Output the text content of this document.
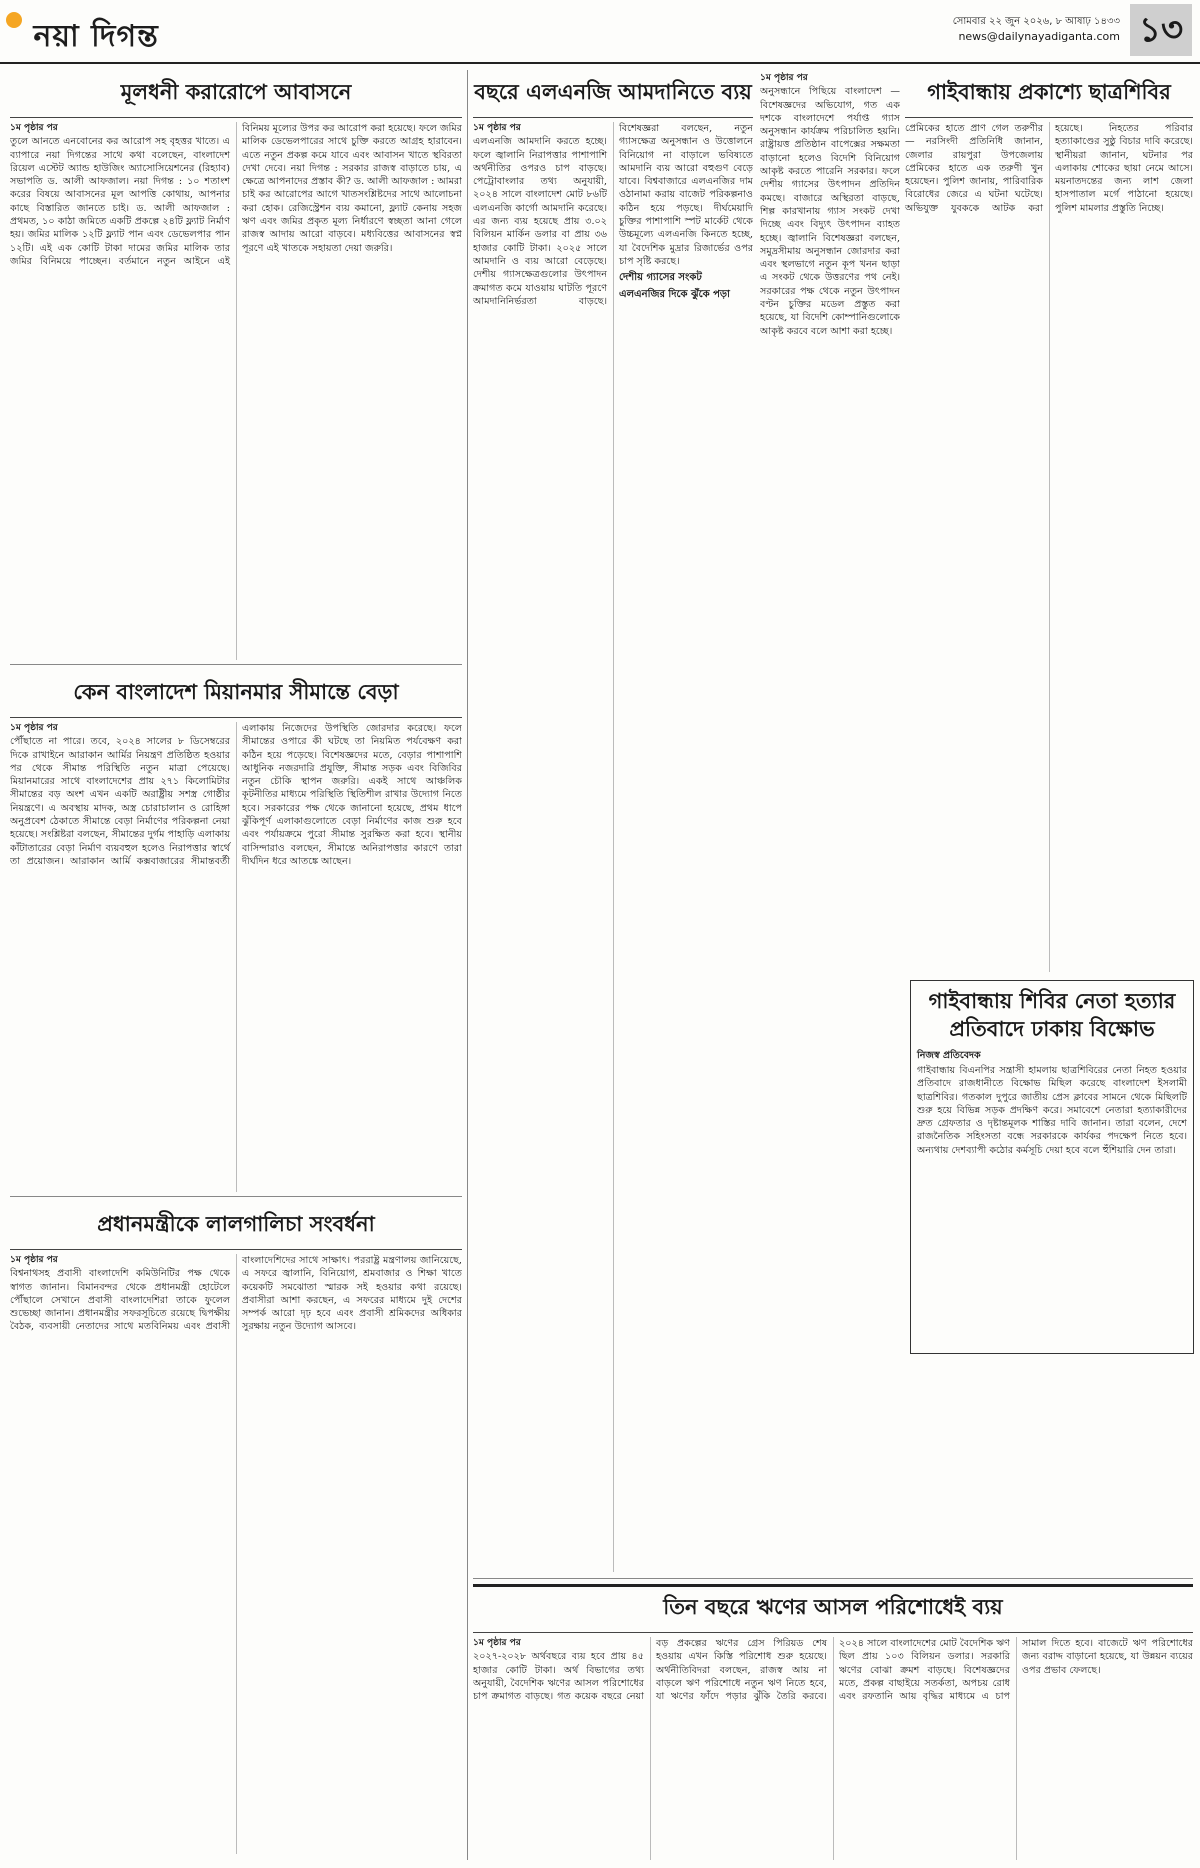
নয়া দিগন্ত	সোমবার ২২ জুন ২০২৬, ৮ আষাঢ় ১৪৩৩
news@dailynayadiganta.com ১৩
মূলধনী করারোপে আবাসনে
১ম পৃষ্ঠার পর
তুলে আনতে এনবোনের কর আরোপ সহ বৃহত্তর খাতে। এ ব্যাপারে নয়া দিগন্তের সাথে কথা বলেছেন, বাংলাদেশ রিয়েল এস্টেট অ্যান্ড হাউজিং অ্যাসোসিয়েশনের (রিহ্যাব) সভাপতি ড. আলী আফজাল। নয়া দিগন্ত : ১০ শতাংশ করের বিষয়ে আবাসনের মূল আপত্তি কোথায়, আপনার কাছে বিস্তারিত জানতে চাই। ড. আলী আফজাল : প্রথমত, ১০ কাঠা জমিতে একটি প্রকল্পে ২৪টি ফ্ল্যাট নির্মাণ হয়। জমির মালিক ১২টি ফ্ল্যাট পান এবং ডেভেলপার পান ১২টি। এই এক কোটি টাকা দামের জমির মালিক তার জমির বিনিময়ে পাচ্ছেন। বর্তমানে নতুন আইনে এই বিনিময় মূল্যের উপর কর আরোপ করা হয়েছে। ফলে জমির মালিক ডেভেলপারের সাথে চুক্তি করতে আগ্রহ হারাবেন। এতে নতুন প্রকল্প কমে যাবে এবং আবাসন খাতে স্থবিরতা দেখা দেবে। নয়া দিগন্ত : সরকার রাজস্ব বাড়াতে চায়, এ ক্ষেত্রে আপনাদের প্রস্তাব কী? ড. আলী আফজাল : আমরা চাই কর আরোপের আগে খাতসংশ্লিষ্টদের সাথে আলোচনা করা হোক। রেজিস্ট্রেশন ব্যয় কমানো, ফ্ল্যাট কেনায় সহজ ঋণ এবং জমির প্রকৃত মূল্য নির্ধারণে স্বচ্ছতা আনা গেলে রাজস্ব আদায় আরো বাড়বে। মধ্যবিত্তের আবাসনের স্বপ্ন পূরণে এই খাতকে সহায়তা দেয়া জরুরি।
কেন বাংলাদেশ মিয়ানমার সীমান্তে বেড়া
১ম পৃষ্ঠার পর
পৌঁছাতে না পারে। তবে, ২০২৪ সালের ৮ ডিসেম্বরের দিকে রাখাইনে আরাকান আর্মির নিয়ন্ত্রণ প্রতিষ্ঠিত হওয়ার পর থেকে সীমান্ত পরিস্থিতি নতুন মাত্রা পেয়েছে। মিয়ানমারের সাথে বাংলাদেশের প্রায় ২৭১ কিলোমিটার সীমান্তের বড় অংশ এখন একটি অরাষ্ট্রীয় সশস্ত্র গোষ্ঠীর নিয়ন্ত্রণে। এ অবস্থায় মাদক, অস্ত্র চোরাচালান ও রোহিঙ্গা অনুপ্রবেশ ঠেকাতে সীমান্তে বেড়া নির্মাণের পরিকল্পনা নেয়া হয়েছে। সংশ্লিষ্টরা বলছেন, সীমান্তের দুর্গম পাহাড়ি এলাকায় কাঁটাতারের বেড়া নির্মাণ ব্যয়বহুল হলেও নিরাপত্তার স্বার্থে তা প্রয়োজন। আরাকান আর্মি কক্সবাজারের সীমান্তবর্তী এলাকায় নিজেদের উপস্থিতি জোরদার করেছে। ফলে সীমান্তের ওপারে কী ঘটছে তা নিয়মিত পর্যবেক্ষণ করা কঠিন হয়ে পড়েছে। বিশেষজ্ঞদের মতে, বেড়ার পাশাপাশি আধুনিক নজরদারি প্রযুক্তি, সীমান্ত সড়ক এবং বিজিবির নতুন চৌকি স্থাপন জরুরি। একই সাথে আঞ্চলিক কূটনীতির মাধ্যমে পরিস্থিতি স্থিতিশীল রাখার উদ্যোগ নিতে হবে। সরকারের পক্ষ থেকে জানানো হয়েছে, প্রথম ধাপে ঝুঁকিপূর্ণ এলাকাগুলোতে বেড়া নির্মাণের কাজ শুরু হবে এবং পর্যায়ক্রমে পুরো সীমান্ত সুরক্ষিত করা হবে। স্থানীয় বাসিন্দারাও বলছেন, সীমান্তে অনিরাপত্তার কারণে তারা দীর্ঘদিন ধরে আতঙ্কে আছেন।
প্রধানমন্ত্রীকে লালগালিচা সংবর্ধনা
১ম পৃষ্ঠার পর
বিশ্বনাথসহ প্রবাসী বাংলাদেশি কমিউনিটির পক্ষ থেকে স্বাগত জানান। বিমানবন্দর থেকে প্রধানমন্ত্রী হোটেলে পৌঁছালে সেখানে প্রবাসী বাংলাদেশিরা তাকে ফুলেল শুভেচ্ছা জানান। প্রধানমন্ত্রীর সফরসূচিতে রয়েছে দ্বিপক্ষীয় বৈঠক, ব্যবসায়ী নেতাদের সাথে মতবিনিময় এবং প্রবাসী বাংলাদেশিদের সাথে সাক্ষাৎ। পররাষ্ট্র মন্ত্রণালয় জানিয়েছে, এ সফরে জ্বালানি, বিনিয়োগ, শ্রমবাজার ও শিক্ষা খাতে কয়েকটি সমঝোতা স্মারক সই হওয়ার কথা রয়েছে। প্রবাসীরা আশা করছেন, এ সফরের মাধ্যমে দুই দেশের সম্পর্ক আরো দৃঢ় হবে এবং প্রবাসী শ্রমিকদের অধিকার সুরক্ষায় নতুন উদ্যোগ আসবে।
বছরে এলএনজি আমদানিতে ব্যয়
১ম পৃষ্ঠার পর
এলএনজি আমদানি করতে হচ্ছে। ফলে জ্বালানি নিরাপত্তার পাশাপাশি অর্থনীতির ওপরও চাপ বাড়ছে। পেট্রোবাংলার তথ্য অনুযায়ী, ২০২৪ সালে বাংলাদেশ মোট ৮৬টি এলএনজি কার্গো আমদানি করেছে। এর জন্য ব্যয় হয়েছে প্রায় ৩.০২ বিলিয়ন মার্কিন ডলার বা প্রায় ৩৬ হাজার কোটি টাকা। ২০২৫ সালে আমদানি ও ব্যয় আরো বেড়েছে। দেশীয় গ্যাসক্ষেত্রগুলোর উৎপাদন ক্রমাগত কমে যাওয়ায় ঘাটতি পূরণে আমদানিনির্ভরতা বাড়ছে। বিশেষজ্ঞরা বলছেন, নতুন গ্যাসক্ষেত্র অনুসন্ধান ও উত্তোলনে বিনিয়োগ না বাড়ালে ভবিষ্যতে আমদানি ব্যয় আরো বহুগুণ বেড়ে যাবে। বিশ্ববাজারে এলএনজির দাম ওঠানামা করায় বাজেট পরিকল্পনাও কঠিন হয়ে পড়ছে। দীর্ঘমেয়াদি চুক্তির পাশাপাশি স্পট মার্কেট থেকে উচ্চমূল্যে এলএনজি কিনতে হচ্ছে, যা বৈদেশিক মুদ্রার রিজার্ভের ওপর চাপ সৃষ্টি করছে।
দেশীয় গ্যাসের সংকট
এলএনজির দিকে ঝুঁকে পড়া
১ম পৃষ্ঠার পর
অনুসন্ধানে পিছিয়ে বাংলাদেশ — বিশেষজ্ঞদের অভিযোগ, গত এক দশকে বাংলাদেশে পর্যাপ্ত গ্যাস অনুসন্ধান কার্যক্রম পরিচালিত হয়নি। রাষ্ট্রায়ত্ত প্রতিষ্ঠান বাপেক্সের সক্ষমতা বাড়ানো হলেও বিদেশি বিনিয়োগ আকৃষ্ট করতে পারেনি সরকার। ফলে দেশীয় গ্যাসের উৎপাদন প্রতিদিন কমছে। বাজারে অস্থিরতা বাড়ছে, শিল্প কারখানায় গ্যাস সংকট দেখা দিচ্ছে এবং বিদ্যুৎ উৎপাদন ব্যাহত হচ্ছে। জ্বালানি বিশেষজ্ঞরা বলছেন, সমুদ্রসীমায় অনুসন্ধান জোরদার করা এবং স্থলভাগে নতুন কূপ খনন ছাড়া এ সংকট থেকে উত্তরণের পথ নেই। সরকারের পক্ষ থেকে নতুন উৎপাদন বণ্টন চুক্তির মডেল প্রস্তুত করা হয়েছে, যা বিদেশি কোম্পানিগুলোকে আকৃষ্ট করবে বলে আশা করা হচ্ছে।
গাইবান্ধায় প্রকাশ্যে ছাত্রশিবির
প্রেমিকের হাতে প্রাণ গেল তরুণীর — নরসিংদী প্রতিনিধি জানান, জেলার রায়পুরা উপজেলায় প্রেমিকের হাতে এক তরুণী খুন হয়েছেন। পুলিশ জানায়, পারিবারিক বিরোধের জেরে এ ঘটনা ঘটেছে। অভিযুক্ত যুবককে আটক করা হয়েছে। নিহতের পরিবার হত্যাকাণ্ডের সুষ্ঠু বিচার দাবি করেছে। স্থানীয়রা জানান, ঘটনার পর এলাকায় শোকের ছায়া নেমে আসে। ময়নাতদন্তের জন্য লাশ জেলা হাসপাতাল মর্গে পাঠানো হয়েছে। পুলিশ মামলার প্রস্তুতি নিচ্ছে।
গাইবান্ধায় শিবির নেতা হত্যার প্রতিবাদে ঢাকায় বিক্ষোভ
নিজস্ব প্রতিবেদক
গাইবান্ধায় বিএনপির সন্ত্রাসী হামলায় ছাত্রশিবিরের নেতা নিহত হওয়ার প্রতিবাদে রাজধানীতে বিক্ষোভ মিছিল করেছে বাংলাদেশ ইসলামী ছাত্রশিবির। গতকাল দুপুরে জাতীয় প্রেস ক্লাবের সামনে থেকে মিছিলটি শুরু হয়ে বিভিন্ন সড়ক প্রদক্ষিণ করে। সমাবেশে নেতারা হত্যাকারীদের দ্রুত গ্রেফতার ও দৃষ্টান্তমূলক শাস্তির দাবি জানান। তারা বলেন, দেশে রাজনৈতিক সহিংসতা বন্ধে সরকারকে কার্যকর পদক্ষেপ নিতে হবে। অন্যথায় দেশব্যাপী কঠোর কর্মসূচি দেয়া হবে বলে হুঁশিয়ারি দেন তারা।
তিন বছরে ঋণের আসল পরিশোধেই ব্যয়
১ম পৃষ্ঠার পর
২০২৭-২০২৮ অর্থবছরে ব্যয় হবে প্রায় ৪৫ হাজার কোটি টাকা। অর্থ বিভাগের তথ্য অনুযায়ী, বৈদেশিক ঋণের আসল পরিশোধের চাপ ক্রমাগত বাড়ছে। গত কয়েক বছরে নেয়া বড় প্রকল্পের ঋণের গ্রেস পিরিয়ড শেষ হওয়ায় এখন কিস্তি পরিশোধ শুরু হয়েছে। অর্থনীতিবিদরা বলছেন, রাজস্ব আয় না বাড়লে ঋণ পরিশোধে নতুন ঋণ নিতে হবে, যা ঋণের ফাঁদে পড়ার ঝুঁকি তৈরি করবে। ২০২৪ সালে বাংলাদেশের মোট বৈদেশিক ঋণ ছিল প্রায় ১০৩ বিলিয়ন ডলার। সরকারি ঋণের বোঝা ক্রমশ বাড়ছে। বিশেষজ্ঞদের মতে, প্রকল্প বাছাইয়ে সতর্কতা, অপচয় রোধ এবং রফতানি আয় বৃদ্ধির মাধ্যমে এ চাপ সামাল দিতে হবে। বাজেটে ঋণ পরিশোধের জন্য বরাদ্দ বাড়ানো হয়েছে, যা উন্নয়ন ব্যয়ের ওপর প্রভাব ফেলছে।
